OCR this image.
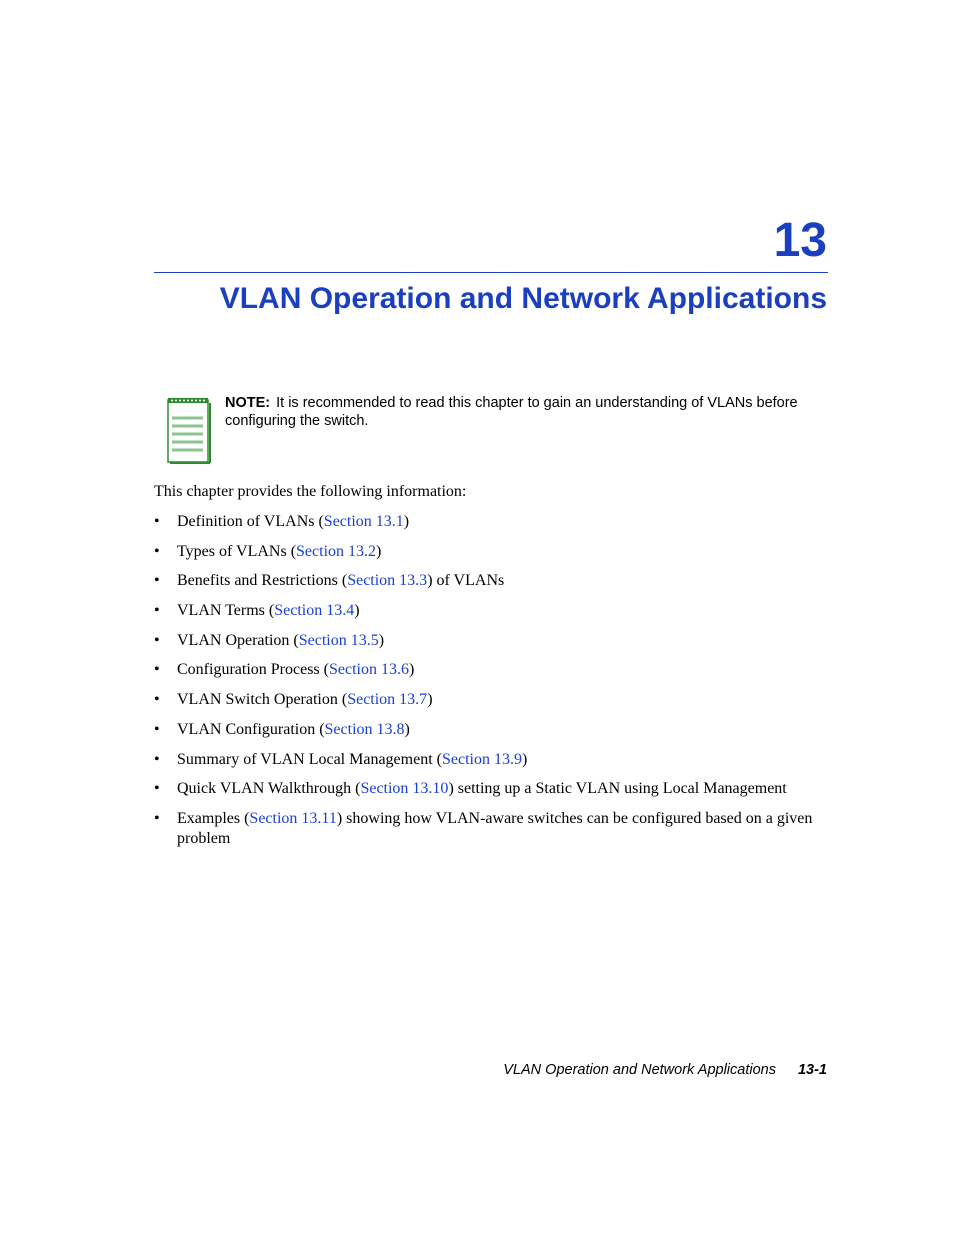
13
VLAN Operation and Network Applications
NOTE: It is recommended to read this chapter to gain an understanding of VLANs before configuring the switch.
This chapter provides the following information:
• Definition of VLANs (Section 13.1)
• Types of VLANs (Section 13.2)
• Benefits and Restrictions (Section 13.3) of VLANs
• VLAN Terms (Section 13.4)
• VLAN Operation (Section 13.5)
• Configuration Process (Section 13.6)
• VLAN Switch Operation (Section 13.7)
• VLAN Configuration (Section 13.8)
• Summary of VLAN Local Management (Section 13.9)
• Quick VLAN Walkthrough (Section 13.10) setting up a Static VLAN using Local Management
• Examples (Section 13.11) showing how VLAN-aware switches can be configured based on a given problem
VLAN Operation and Network Applications 13-1
